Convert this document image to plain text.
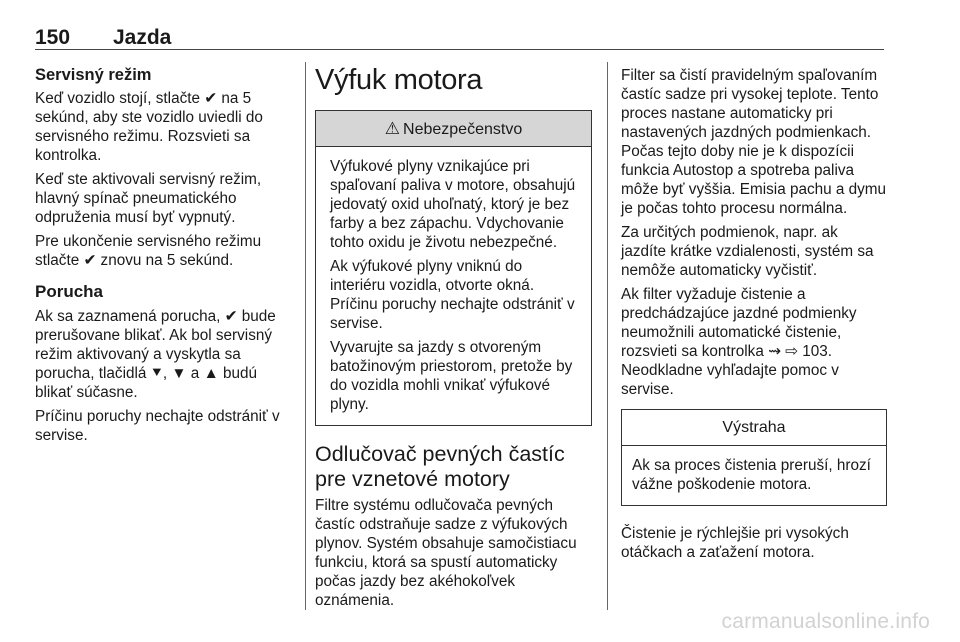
150 Jazda
Servisný režim

Keď vozidlo stojí, stlačte ✔ na 5 sekúnd, aby ste vozidlo uviedli do servisného režimu. Rozsvieti sa kontrolka.

Keď ste aktivovali servisný režim, hlavný spínač pneumatického odpruženia musí byť vypnutý.

Pre ukončenie servisného režimu stlačte ✔ znovu na 5 sekúnd.

Porucha

Ak sa zaznamená porucha, ✔ bude prerušovane blikať. Ak bol servisný režim aktivovaný a vyskytla sa porucha, tlačidlá ⯆, ▼ a ▲ budú blikať súčasne.

Príčinu poruchy nechajte odstrániť v servise.

Výfuk motora
⚠ Nebezpečenstvo

Výfukové plyny vznikajúce pri spaľovaní paliva v motore, obsahujú jedovatý oxid uhoľnatý, ktorý je bez farby a bez zápachu. Vdychovanie tohto oxidu je životu nebezpečné.

Ak výfukové plyny vniknú do interiéru vozidla, otvorte okná. Príčinu poruchy nechajte odstrániť v servise.

Vyvarujte sa jazdy s otvoreným batožinovým priestorom, pretože by do vozidla mohli vnikať výfukové plyny.

Odlučovač pevných častíc pre vznetové motory

Filtre systému odlučovača pevných častíc odstraňuje sadze z výfukových plynov. Systém obsahuje samočistiacu funkciu, ktorá sa spustí automaticky počas jazdy bez akéhokoľvek oznámenia.

Filter sa čistí pravidelným spaľovaním častíc sadze pri vysokej teplote. Tento proces nastane automaticky pri nastavených jazdných podmienkach. Počas tejto doby nie je k dispozícii funkcia Autostop a spotreba paliva môže byť vyššia. Emisia pachu a dymu je počas tohto procesu normálna.

Za určitých podmienok, napr. ak jazdíte krátke vzdialenosti, systém sa nemôže automaticky vyčistiť.

Ak filter vyžaduje čistenie a predchádzajúce jazdné podmienky neumožnili automatické čistenie, rozsvieti sa kontrolka ⇝ ⇨ 103. Neodkladne vyhľadajte pomoc v servise.

Výstraha

Ak sa proces čistenia preruší, hrozí vážne poškodenie motora.

Čistenie je rýchlejšie pri vysokých otáčkach a zaťažení motora.

carmanualsonline.info
